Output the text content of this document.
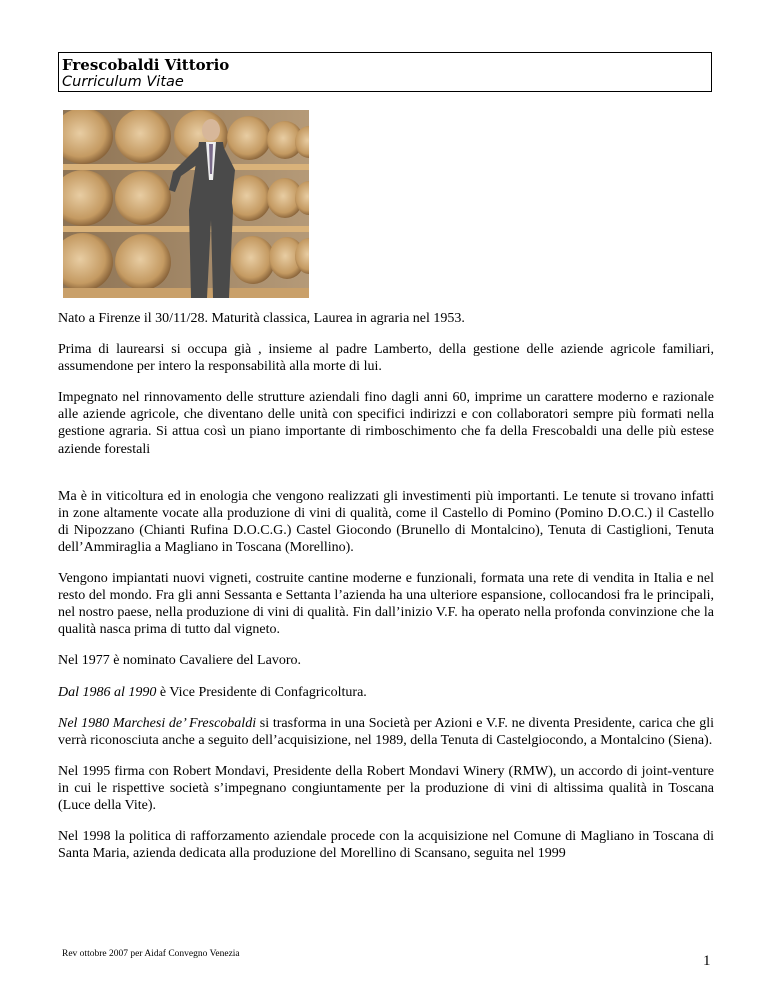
Frescobaldi Vittorio
Curriculum Vitae

Nato a Firenze il 30/11/28. Maturità classica, Laurea in agraria nel 1953.

Prima di laurearsi si occupa già , insieme al padre Lamberto, della gestione delle aziende agricole familiari, assumendone per intero la responsabilità alla morte di lui.

Impegnato nel rinnovamento delle strutture aziendali fino dagli anni 60, imprime un carattere moderno e razionale alle aziende agricole, che diventano delle unità con specifici indirizzi e con collaboratori sempre più formati nella gestione agraria. Si attua così un piano importante di rimboschimento che fa della Frescobaldi una delle più estese aziende forestali

Ma è in viticoltura ed in enologia che vengono realizzati gli investimenti più importanti. Le tenute si trovano infatti in zone altamente vocate alla produzione di vini di qualità, come il Castello di Pomino (Pomino D.O.C.) il Castello di Nipozzano (Chianti Rufina D.O.C.G.) Castel Giocondo (Brunello di Montalcino), Tenuta di Castiglioni, Tenuta dell’Ammiraglia a Magliano in Toscana (Morellino).

Vengono impiantati nuovi vigneti, costruite cantine moderne e funzionali, formata una rete di vendita in Italia e nel resto del mondo. Fra gli anni Sessanta e Settanta l’azienda ha una ulteriore espansione, collocandosi fra le principali, nel nostro paese, nella produzione di vini di qualità. Fin dall’inizio V.F. ha operato nella profonda convinzione che la qualità nasca prima di tutto dal vigneto.

Nel 1977 è nominato Cavaliere del Lavoro.

Dal 1986 al 1990 è Vice Presidente di Confagricoltura.

Nel 1980 Marchesi de’ Frescobaldi si trasforma in una Società per Azioni e V.F. ne diventa Presidente, carica che gli verrà riconosciuta anche a seguito dell’acquisizione, nel 1989, della Tenuta di Castelgiocondo, a Montalcino (Siena).

Nel 1995 firma con Robert Mondavi, Presidente della Robert Mondavi Winery (RMW), un accordo di joint-venture in cui le rispettive società s’impegnano congiuntamente per la produzione di vini di altissima qualità in Toscana (Luce della Vite).

Nel 1998 la politica di rafforzamento aziendale procede con la acquisizione nel Comune di Magliano in Toscana di Santa Maria, azienda dedicata alla produzione del Morellino di Scansano, seguita nel 1999

Rev ottobre 2007 per Aidaf Convegno Venezia	1
